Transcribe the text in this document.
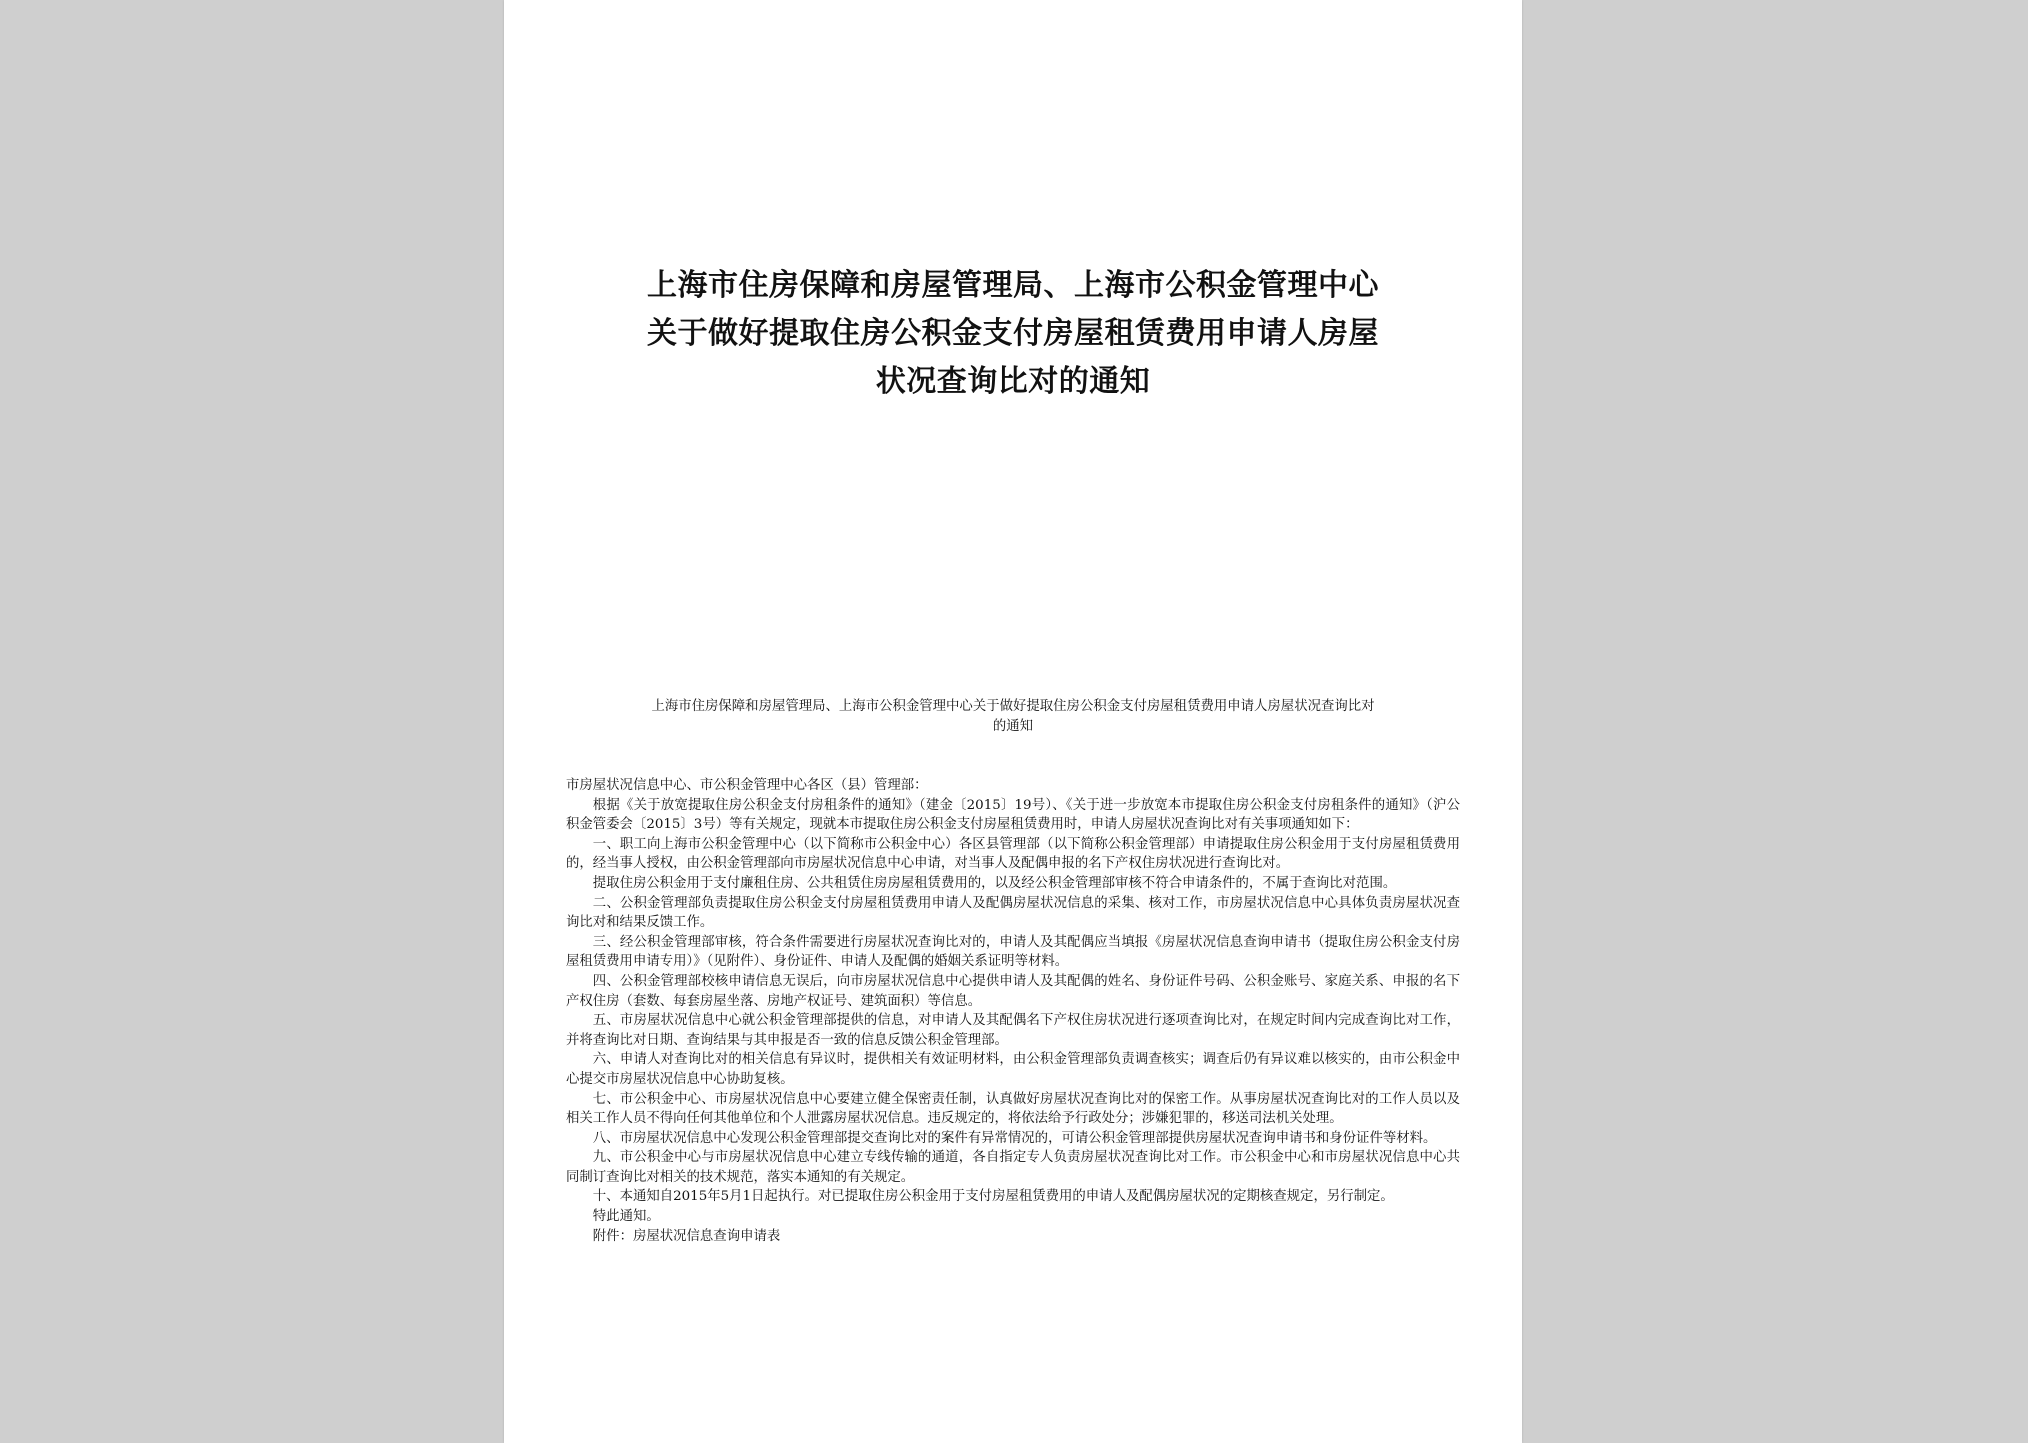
上海市住房保障和房屋管理局、上海市公积金管理中心
关于做好提取住房公积金支付房屋租赁费用申请人房屋
状况查询比对的通知
上海市住房保障和房屋管理局、上海市公积金管理中心关于做好提取住房公积金支付房屋租赁费用申请人房屋状况查询比对
的通知

市房屋状况信息中心、市公积金管理中心各区（县）管理部：

根据《关于放宽提取住房公积金支付房租条件的通知》（建金〔2015〕19号）、《关于进一步放宽本市提取住房公积金支付房租条件的通知》（沪公积金管委会〔2015〕3号）等有关规定，现就本市提取住房公积金支付房屋租赁费用时，申请人房屋状况查询比对有关事项通知如下：

一、职工向上海市公积金管理中心（以下简称市公积金中心）各区县管理部（以下简称公积金管理部）申请提取住房公积金用于支付房屋租赁费用的，经当事人授权，由公积金管理部向市房屋状况信息中心申请，对当事人及配偶申报的名下产权住房状况进行查询比对。

提取住房公积金用于支付廉租住房、公共租赁住房房屋租赁费用的，以及经公积金管理部审核不符合申请条件的，不属于查询比对范围。

二、公积金管理部负责提取住房公积金支付房屋租赁费用申请人及配偶房屋状况信息的采集、核对工作，市房屋状况信息中心具体负责房屋状况查询比对和结果反馈工作。

三、经公积金管理部审核，符合条件需要进行房屋状况查询比对的，申请人及其配偶应当填报《房屋状况信息查询申请书（提取住房公积金支付房屋租赁费用申请专用）》（见附件）、身份证件、申请人及配偶的婚姻关系证明等材料。

四、公积金管理部校核申请信息无误后，向市房屋状况信息中心提供申请人及其配偶的姓名、身份证件号码、公积金账号、家庭关系、申报的名下产权住房（套数、每套房屋坐落、房地产权证号、建筑面积）等信息。

五、市房屋状况信息中心就公积金管理部提供的信息，对申请人及其配偶名下产权住房状况进行逐项查询比对，在规定时间内完成查询比对工作，并将查询比对日期、查询结果与其申报是否一致的信息反馈公积金管理部。

六、申请人对查询比对的相关信息有异议时，提供相关有效证明材料，由公积金管理部负责调查核实；调查后仍有异议难以核实的，由市公积金中心提交市房屋状况信息中心协助复核。

七、市公积金中心、市房屋状况信息中心要建立健全保密责任制，认真做好房屋状况查询比对的保密工作。从事房屋状况查询比对的工作人员以及相关工作人员不得向任何其他单位和个人泄露房屋状况信息。违反规定的，将依法给予行政处分；涉嫌犯罪的，移送司法机关处理。

八、市房屋状况信息中心发现公积金管理部提交查询比对的案件有异常情况的，可请公积金管理部提供房屋状况查询申请书和身份证件等材料。

九、市公积金中心与市房屋状况信息中心建立专线传输的通道，各自指定专人负责房屋状况查询比对工作。市公积金中心和市房屋状况信息中心共同制订查询比对相关的技术规范，落实本通知的有关规定。

十、本通知自2015年5月1日起执行。对已提取住房公积金用于支付房屋租赁费用的申请人及配偶房屋状况的定期核查规定，另行制定。

特此通知。

附件：房屋状况信息查询申请表
